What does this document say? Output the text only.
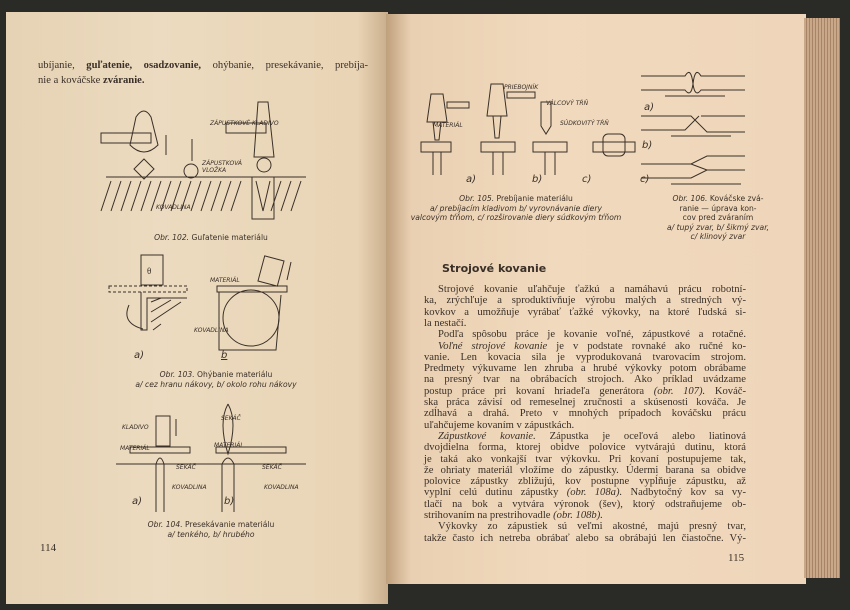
ubíjanie, guľatenie, osadzovanie, ohýbanie, presekávanie, prebíja-
nie a kováčske zváranie.
ZÁPUSTKOVÉ KLADIVO
ZÁPUSTKOVÁ VLOŽKA
KOVADLINA
Obr. 102. Guľatenie materiálu
θ
a)	b
MATERIÁL
KOVADLINA
Obr. 103. Ohýbanie materiálu
a/ cez hranu nákovy, b/ okolo rohu nákovy
KLADIVO
MATERIÁL
SEKÁČ
KOVADLINA
SEKÁČ
MATERIÁL
SEKÁČ
KOVADLINA
a)	b)
Obr. 104. Presekávanie materiálu
a/ tenkého, b/ hrubého
114
PRIEBOJNÍK
MATERIÁL
VÁLCOVÝ TŔŇ
SÚDKOVITÝ TŔŇ
a)	b)	c)
Obr. 105. Prebíjanie materiálu
a/ prebíjacím kladivom b/ vyrovnávanie diery
valcovým tŕňom, c/ rozširovanie diery súdkovým tŕňom
a)
b)
c)
Obr. 106. Kováčske zvá-
ranie — úprava kon-
cov pred zváraním
a/ tupý zvar, b/ šikmý zvar,
c/ klinový zvar
Strojové kovanie
Strojové kovanie uľahčuje ťažkú a namáhavú prácu robotní-
ka, zrýchľuje a sproduktívňuje výrobu malých a stredných vý-
kovkov a umožňuje vyrábať ťažké výkovky, na ktoré ľudská si-
la nestačí.
Podľa spôsobu práce je kovanie voľné, zápustkové a rotačné.
Voľné strojové kovanie je v podstate rovnaké ako ručné ko-
vanie. Len kovacia sila je vyprodukovaná tvarovacím strojom.
Predmety výkuvame len zhruba a hrubé výkovky potom obrábame
na presný tvar na obrábacích strojoch. Ako príklad uvádzame
postup práce pri kovaní hriadeľa generátora (obr. 107). Kováč-
ska práca závisí od remeselnej zručnosti a skúsenosti kováča. Je
zdĺhavá a drahá. Preto v mnohých prípadoch kováčsku prácu
uľahčujeme kovaním v zápustkách.
Zápustkové kovanie. Zápustka je oceľová alebo liatinová
dvojdielna forma, ktorej obidve polovice vytvárajú dutinu, ktorá
je taká ako vonkajší tvar výkovku. Pri kovaní postupujeme tak,
že ohriaty materiál vložíme do zápustky. Údermi barana sa obidve
polovice zápustky zbližujú, kov postupne vypĺňuje zápustku, až
vyplní celú dutinu zápustky (obr. 108a). Nadbytočný kov sa vy-
tlačí na bok a vytvára výronok (šev), ktorý odstraňujeme ob-
strihovaním na prestrihovadle (obr. 108b).
Výkovky zo zápustiek sú veľmi akostné, majú presný tvar,
takže často ich netreba obrábať alebo sa obrábajú len čiastočne. Vý-
115
